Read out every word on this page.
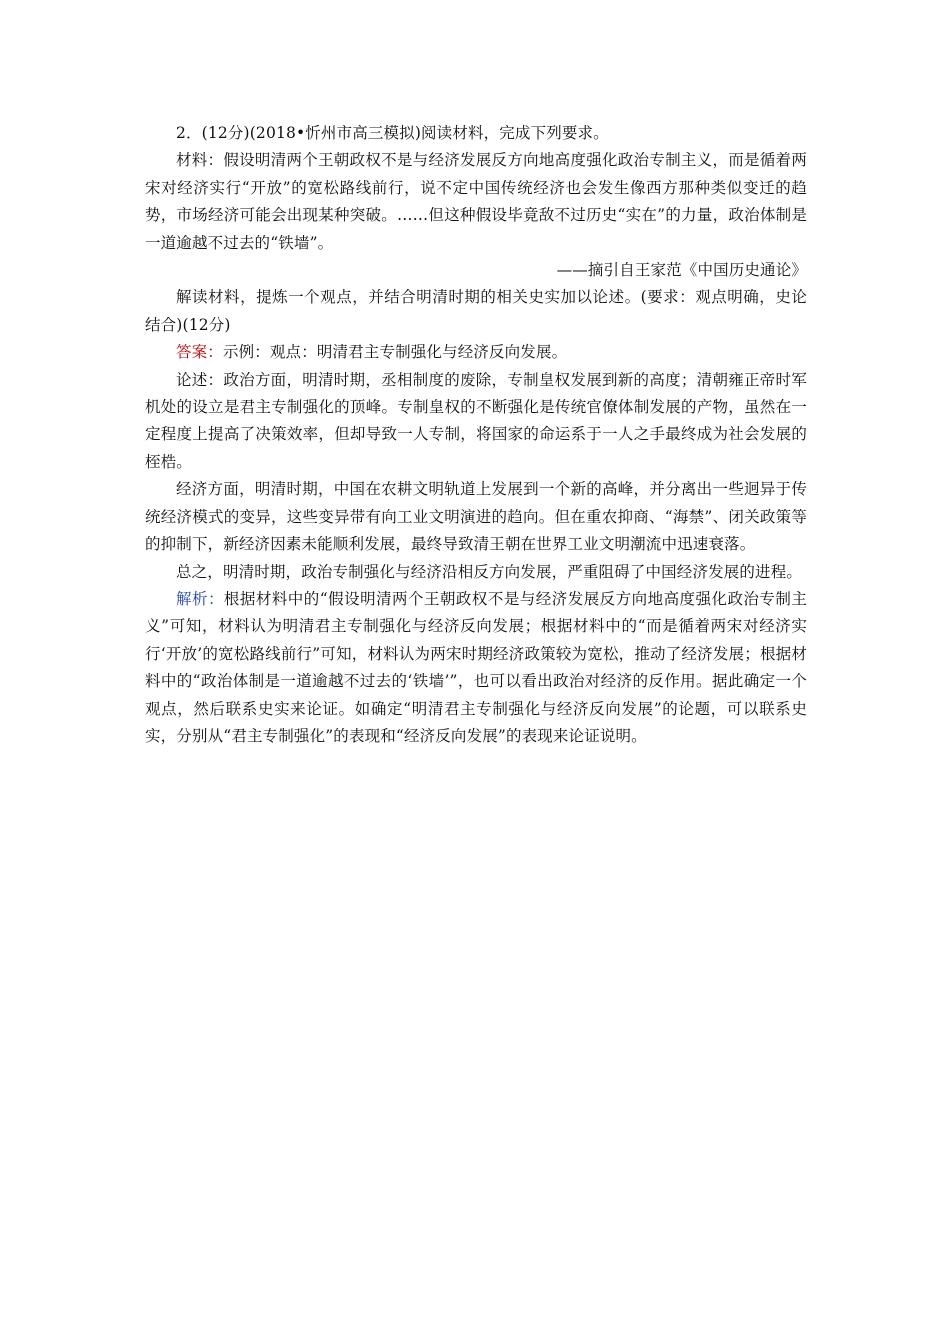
2．(12分)(2018•忻州市高三模拟)阅读材料，完成下列要求。

材料：假设明清两个王朝政权不是与经济发展反方向地高度强化政治专制主义，而是循着两宋对经济实行“开放”的宽松路线前行，说不定中国传统经济也会发生像西方那种类似变迁的趋势，市场经济可能会出现某种突破。……但这种假设毕竟敌不过历史“实在”的力量，政治体制是一道逾越不过去的“铁墙”。

——摘引自王家范《中国历史通论》

解读材料，提炼一个观点，并结合明清时期的相关史实加以论述。(要求：观点明确，史论结合)(12分)

答案：示例：观点：明清君主专制强化与经济反向发展。

论述：政治方面，明清时期，丞相制度的废除，专制皇权发展到新的高度；清朝雍正帝时军机处的设立是君主专制强化的顶峰。专制皇权的不断强化是传统官僚体制发展的产物，虽然在一定程度上提高了决策效率，但却导致一人专制，将国家的命运系于一人之手最终成为社会发展的桎梏。

经济方面，明清时期，中国在农耕文明轨道上发展到一个新的高峰，并分离出一些迥异于传统经济模式的变异，这些变异带有向工业文明演进的趋向。但在重农抑商、“海禁”、闭关政策等的抑制下，新经济因素未能顺利发展，最终导致清王朝在世界工业文明潮流中迅速衰落。

总之，明清时期，政治专制强化与经济沿相反方向发展，严重阻碍了中国经济发展的进程。

解析：根据材料中的“假设明清两个王朝政权不是与经济发展反方向地高度强化政治专制主义”可知，材料认为明清君主专制强化与经济反向发展；根据材料中的“而是循着两宋对经济实行‘开放’的宽松路线前行”可知，材料认为两宋时期经济政策较为宽松，推动了经济发展；根据材料中的“政治体制是一道逾越不过去的‘铁墙’”，也可以看出政治对经济的反作用。据此确定一个观点，然后联系史实来论证。如确定“明清君主专制强化与经济反向发展”的论题，可以联系史实，分别从“君主专制强化”的表现和“经济反向发展”的表现来论证说明。
